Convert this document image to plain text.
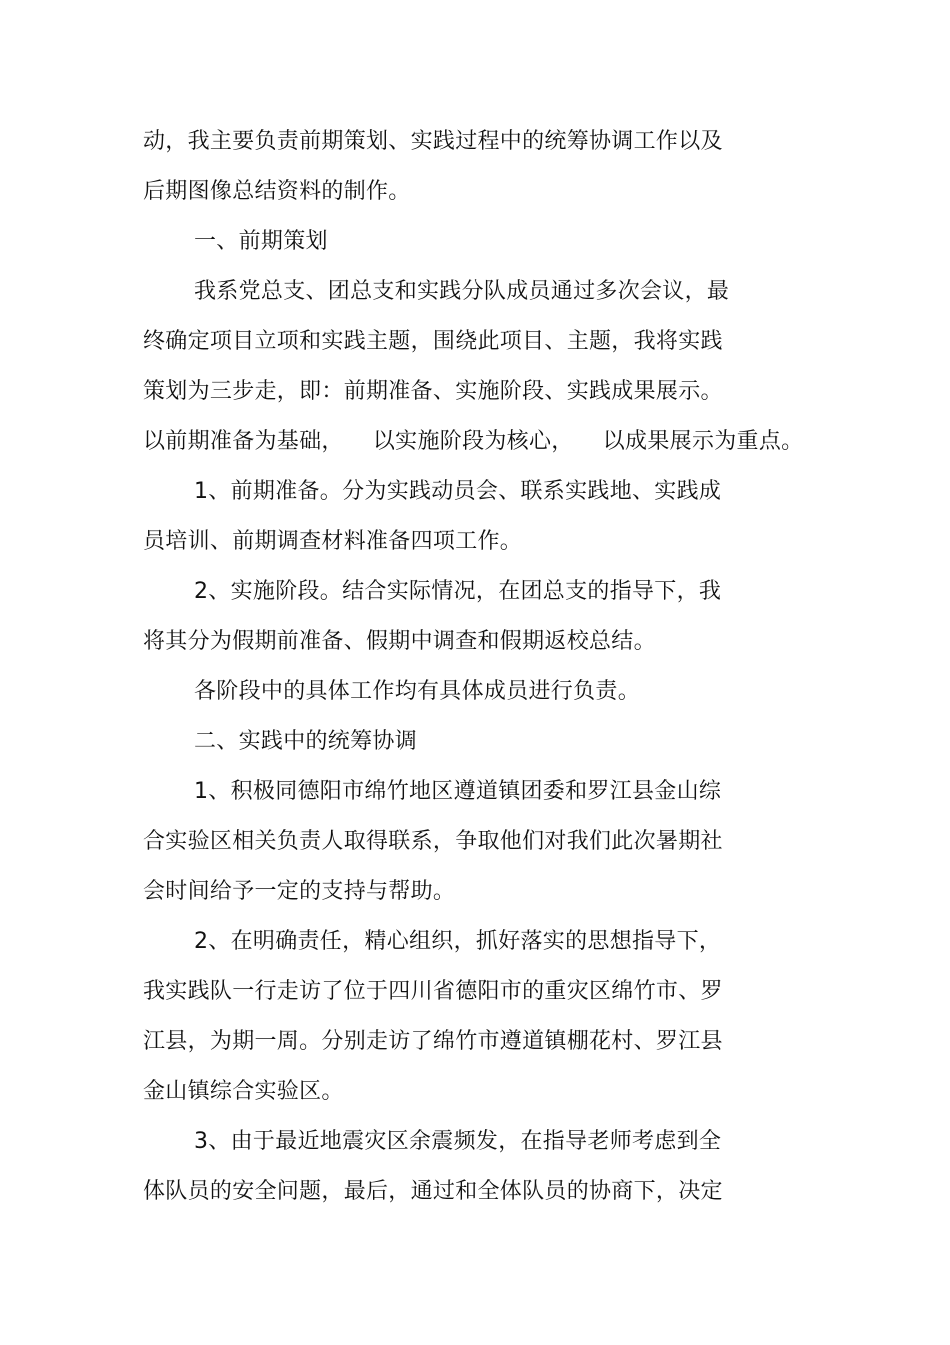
动，我主要负责前期策划、实践过程中的统筹协调工作以及
后期图像总结资料的制作。
一、前期策划
我系党总支、团总支和实践分队成员通过多次会议，最
终确定项目立项和实践主题，围绕此项目、主题，我将实践
策划为三步走，即：前期准备、实施阶段、实践成果展示。
以前期准备为基础，    以实施阶段为核心，    以成果展示为重点。
1、前期准备。分为实践动员会、联系实践地、实践成
员培训、前期调查材料准备四项工作。
2、实施阶段。结合实际情况，在团总支的指导下，我
将其分为假期前准备、假期中调查和假期返校总结。
各阶段中的具体工作均有具体成员进行负责。
二、实践中的统筹协调
1、积极同德阳市绵竹地区遵道镇团委和罗江县金山综
合实验区相关负责人取得联系，争取他们对我们此次暑期社
会时间给予一定的支持与帮助。
2、在明确责任，精心组织，抓好落实的思想指导下，
我实践队一行走访了位于四川省德阳市的重灾区绵竹市、罗
江县，为期一周。分别走访了绵竹市遵道镇棚花村、罗江县
金山镇综合实验区。
3、由于最近地震灾区余震频发，在指导老师考虑到全
体队员的安全问题，最后，通过和全体队员的协商下，决定
